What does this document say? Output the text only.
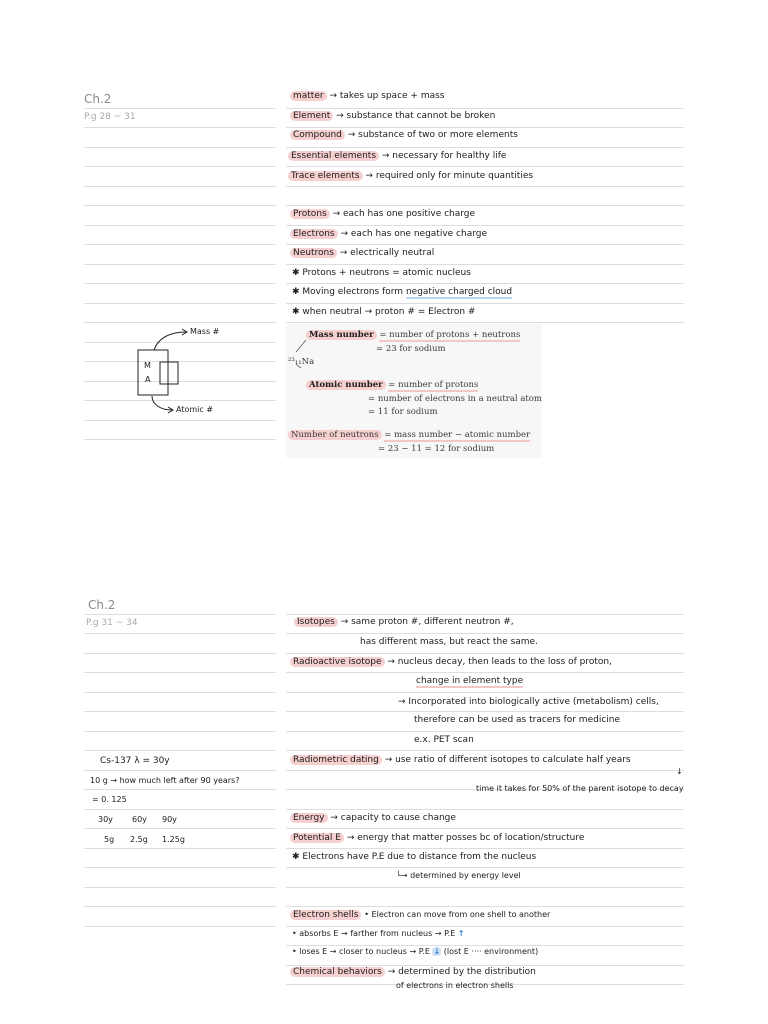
Ch.2
P.g 28 ~ 31
matter → takes up space + mass
Element → substance that cannot be broken
Compound → substance of two or more elements
Essential elements → necessary for healthy life
Trace elements → required only for minute quantities
Protons → each has one positive charge
Electrons → each has one negative charge
Neutrons → electrically neutral
✱ Protons + neutrons = atomic nucleus
✱ Moving electrons form negative charged cloud
✱ when neutral → proton # = Electron #
Mass #
Atomic #
M
A
Mass number = number of protons + neutrons
= 23 for sodium
²³₁₁Na
Atomic number = number of protons
= number of electrons in a neutral atom
= 11 for sodium
Number of neutrons = mass number − atomic number
= 23 − 11 = 12 for sodium
Ch.2
P.g 31 ~ 34	Isotopes → same proton #, different neutron #,
has different mass, but react the same.
Radioactive isotope → nucleus decay, then leads to the loss of proton,
change in element type
→ Incorporated into biologically active (metabolism) cells,
therefore can be used as tracers for medicine
e.x. PET scan
Radiometric dating → use ratio of different isotopes to calculate half years
time it takes for 50% of the parent isotope to decay
↓
Energy → capacity to cause change
Potential E → energy that matter posses bc of location/structure
✱ Electrons have P.E due to distance from the nucleus
└→ determined by energy level
Electron shells • Electron can move from one shell to another
• absorbs E → farther from nucleus → P.E ↑
• loses E → closer to nucleus → P.E ↓ (lost E ···· environment)
Chemical behaviors → determined by the distribution
of electrons in electron shells
Cs-137 λ = 30y
10 g → how much left after 90 years?
= 0. 125
30y 60y 90y
5g 2.5g 1.25g
